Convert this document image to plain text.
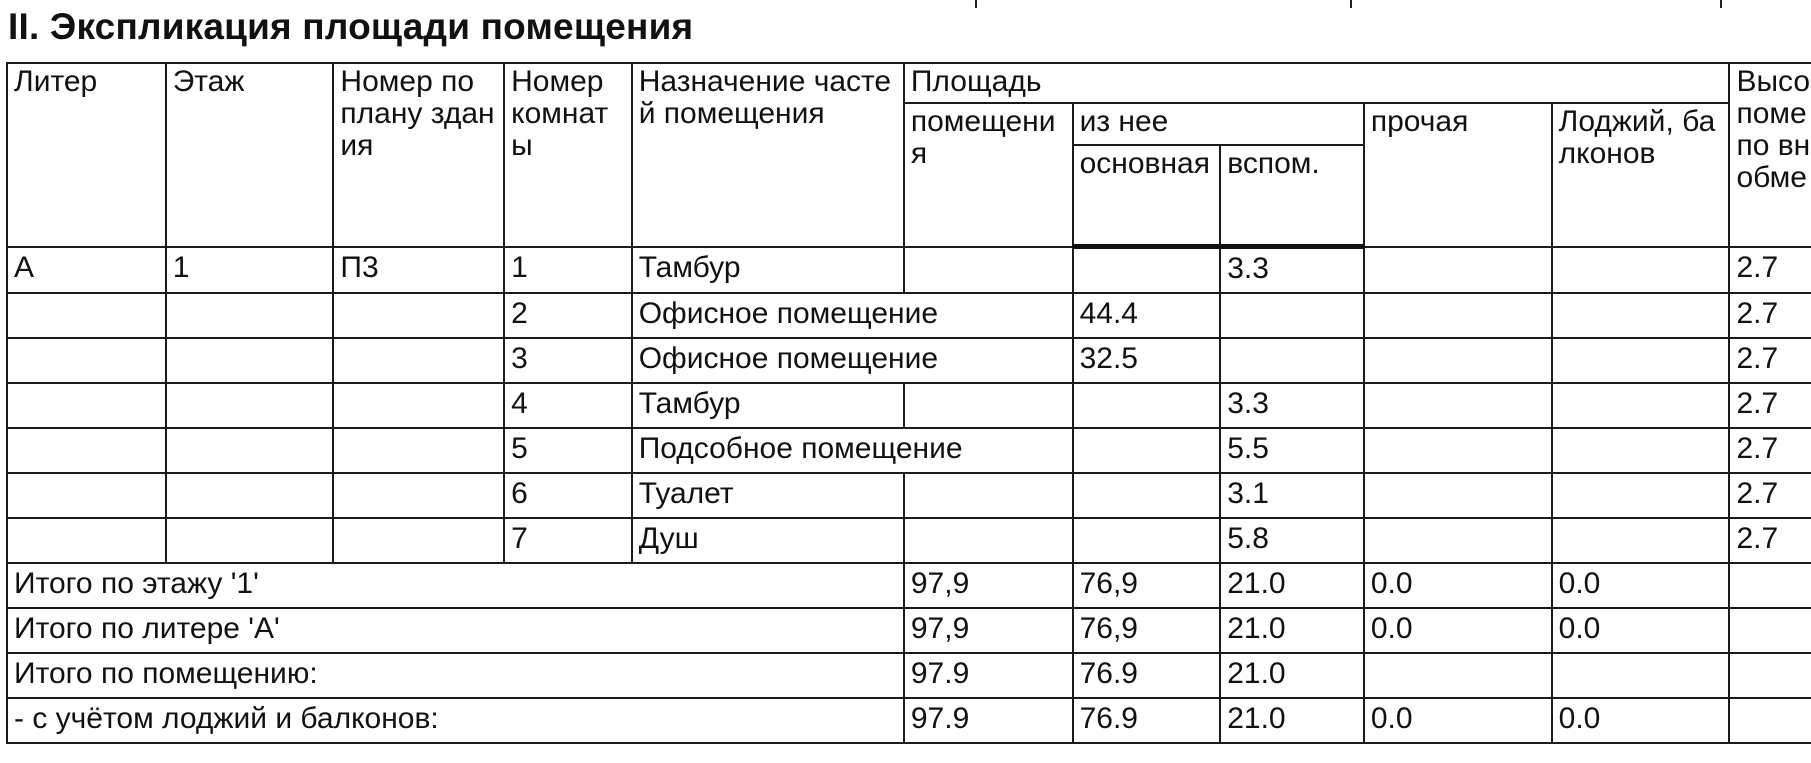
II. Экспликация площади помещения
Литер	Этаж	Номер по плану здания	Номер комнаты	Назначение частей помещения	Площадь					Высо поме по вн обме
					помещения	из нее		прочая	Лоджий, балконов	
						основная	вспом.			
А	1	П3	1	Тамбур			3.3			2.7
			2	Офисное помещение		44.4				2.7
			3	Офисное помещение		32.5				2.7
			4	Тамбур			3.3			2.7
			5	Подсобное помещение			5.5			2.7
			6	Туалет			3.1			2.7
			7	Душ			5.8			2.7
Итого по этажу '1'					97,9	76,9	21.0	0.0	0.0	
Итого по литере 'А'					97,9	76,9	21.0	0.0	0.0	
Итого по помещению:					97.9	76.9	21.0			
- с учётом лоджий и балконов:					97.9	76.9	21.0	0.0	0.0	
